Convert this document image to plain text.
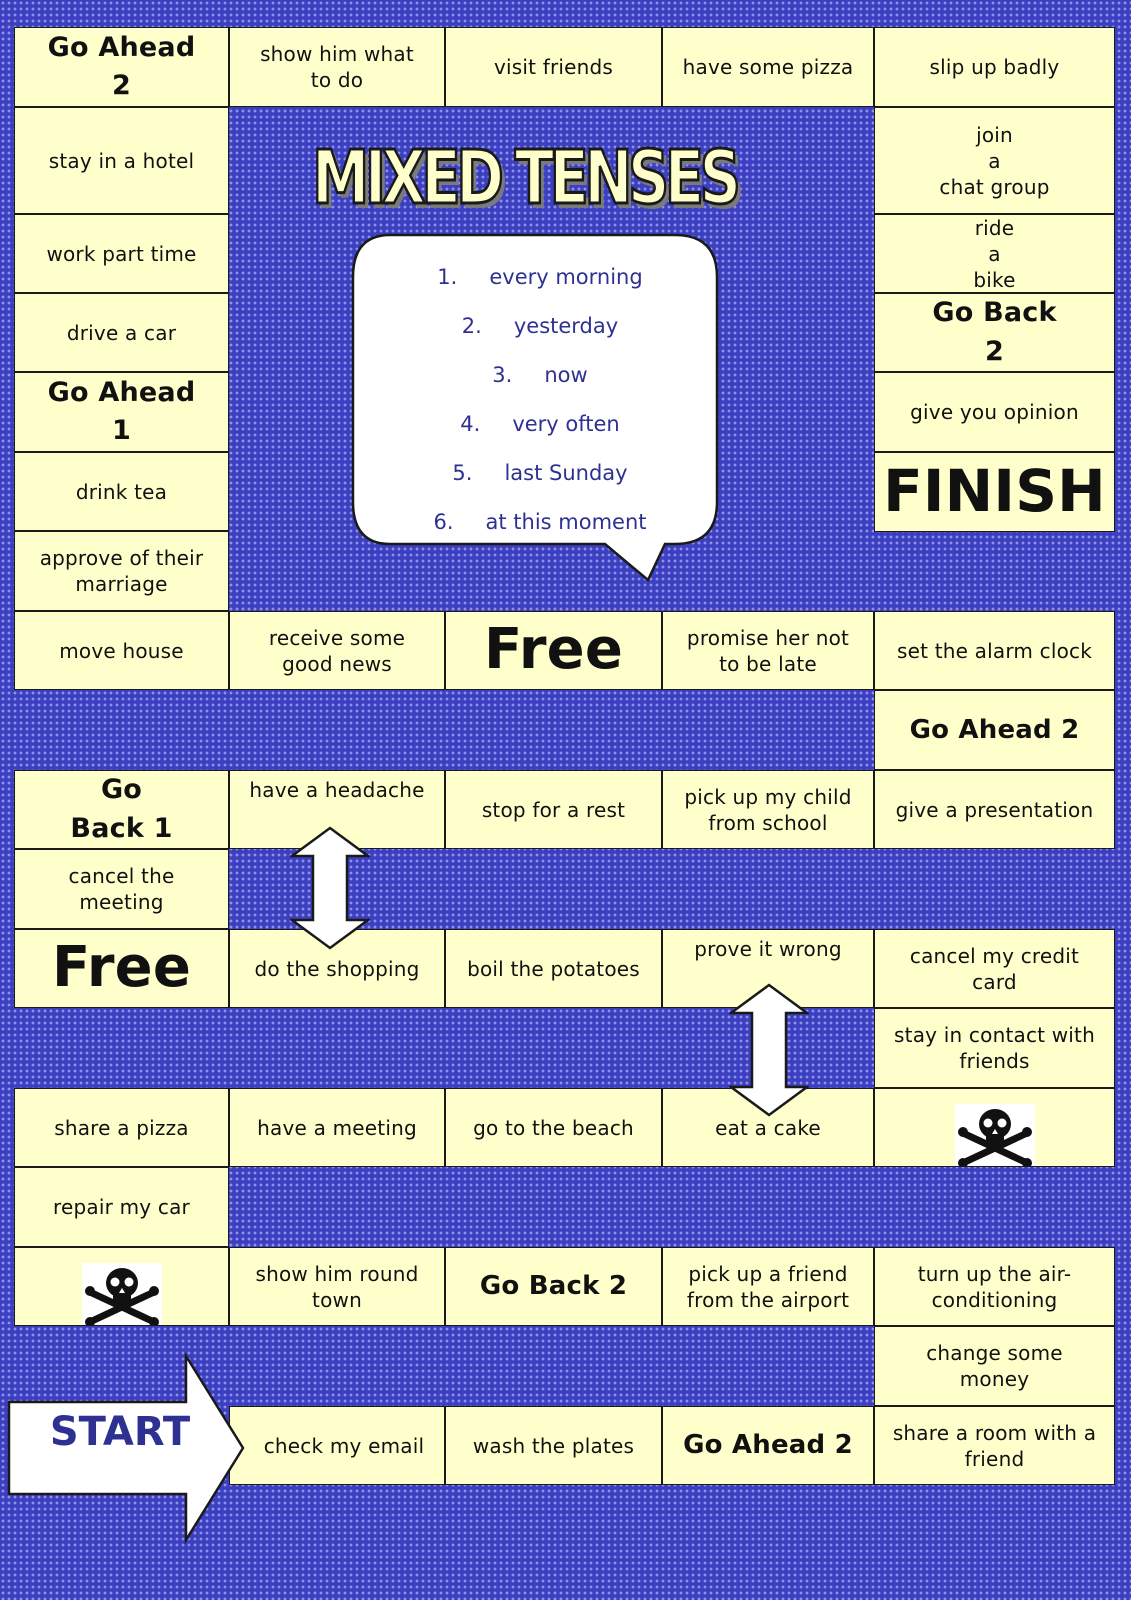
MIXED TENSES
1. every morning
2. yesterday
3. now
4. very often
5. last Sunday
6. at this moment
Go Ahead
2
show him what
to do
visit friends	have some pizza	slip up badly
stay in a hotel
work part time
drive a car
Go Ahead
1
drink tea
approve of their
marriage
join
a
chat group
ride
a
bike
Go Back
2
give you opinion
FINISH
move house
receive some
good news Free	promise her not
to be late
set the alarm clock
Go Ahead 2
Go
Back 1
have a headache
stop for a rest
pick up my child
from school
give a presentation
cancel the
meeting
Free	do the shopping boil the potatoes
prove it wrong	cancel my credit
card
stay in contact with
friends
share a pizza	have a meeting	go to the beach	eat a cake
repair my car
show him round
town	Go Back 2	pick up a friend
from the airport
turn up the air-
conditioning
change some
money
check my email wash the plates Go Ahead 2 share a room with a
friend
START
